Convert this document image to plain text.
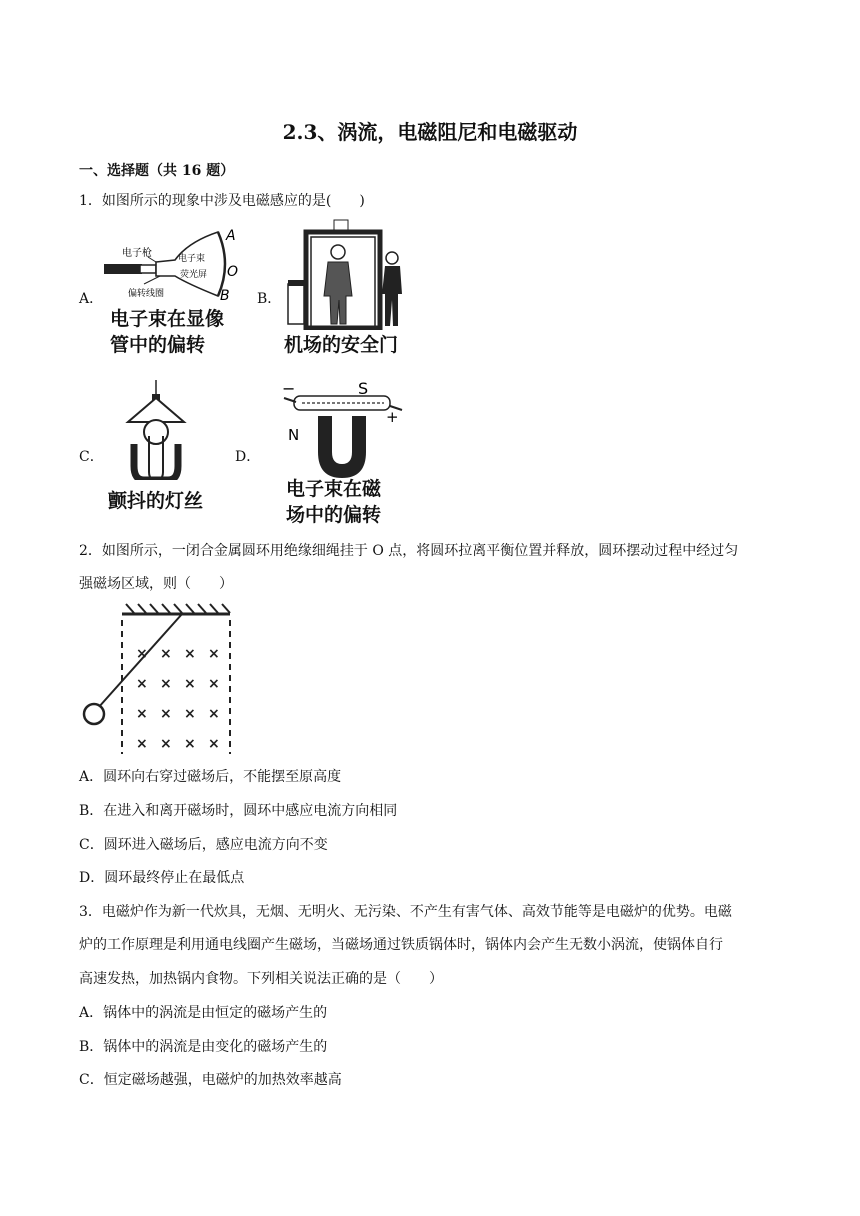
2.3、涡流，电磁阻尼和电磁驱动
一、选择题（共 16 题）
1．如图所示的现象中涉及电磁感应的是(　　)
A．
电子枪	电子束
荧光屏
偏转线圈
A
O
B
电子束在显像
管中的偏转
B．
机场的安全门
C．
颤抖的灯丝
D．
−	S
+
N
电子束在磁
场中的偏转
2．如图所示，一闭合金属圆环用绝缘细绳挂于 O 点，将圆环拉离平衡位置并释放，圆环摆动过程中经过匀
强磁场区域，则（　　）
× × × ×
× × × ×
× × × ×
× × × ×
A．圆环向右穿过磁场后，不能摆至原高度
B．在进入和离开磁场时，圆环中感应电流方向相同
C．圆环进入磁场后，感应电流方向不变
D．圆环最终停止在最低点
3．电磁炉作为新一代炊具，无烟、无明火、无污染、不产生有害气体、高效节能等是电磁炉的优势。电磁
炉的工作原理是利用通电线圈产生磁场，当磁场通过铁质锅体时，锅体内会产生无数小涡流，使锅体自行
高速发热，加热锅内食物。下列相关说法正确的是（　　）
A．锅体中的涡流是由恒定的磁场产生的
B．锅体中的涡流是由变化的磁场产生的
C．恒定磁场越强，电磁炉的加热效率越高
